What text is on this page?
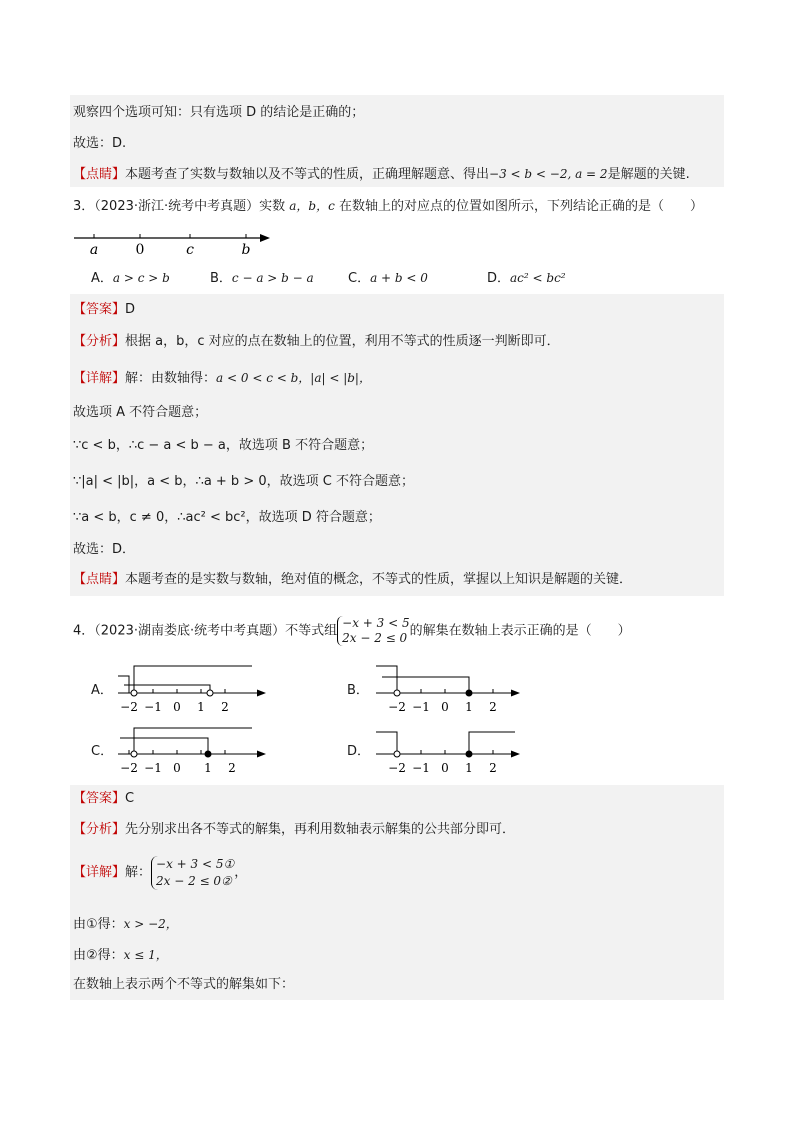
观察四个选项可知：只有选项 D 的结论是正确的；
故选：D.
【点睛】本题考查了实数与数轴以及不等式的性质，正确理解题意、得出−3 < b < −2, a = 2是解题的关键.
3．（2023·浙江·统考中考真题）实数 a，b，c 在数轴上的对应点的位置如图所示，下列结论正确的是（　　）
a	0	c	b
A．a > c > b	B．c − a > b − a	C．a + b < 0	D．ac² < bc²
【答案】D
【分析】根据 a，b，c 对应的点在数轴上的位置，利用不等式的性质逐一判断即可．
【详解】解：由数轴得：a < 0 < c < b，|a| < |b|，
故选项 A 不符合题意；
∵c < b，∴c − a < b − a，故选项 B 不符合题意；
∵|a| < |b|，a < b，∴a + b > 0，故选项 C 不符合题意；
∵a < b，c ≠ 0，∴ac² < bc²，故选项 D 符合题意；
故选：D．
【点睛】本题考查的是实数与数轴，绝对值的概念，不等式的性质，掌握以上知识是解题的关键．
4．（2023·湖南娄底·统考中考真题）不等式组
−x + 3 < 5
2x − 2 ≤ 0 的解集在数轴上表示正确的是（　　）
A．
−2 −1 0 1 2
B．
−2 −1 0 1 2
C．
−2 −1 0 1 2
D．
−2 −1 0 1 2
【答案】C
【分析】先分别求出各不等式的解集，再利用数轴表示解集的公共部分即可．
【详解】解：
−x + 3 < 5①
2x − 2 ≤ 0②
，
由①得：x > −2，
由②得：x ≤ 1，
在数轴上表示两个不等式的解集如下：
